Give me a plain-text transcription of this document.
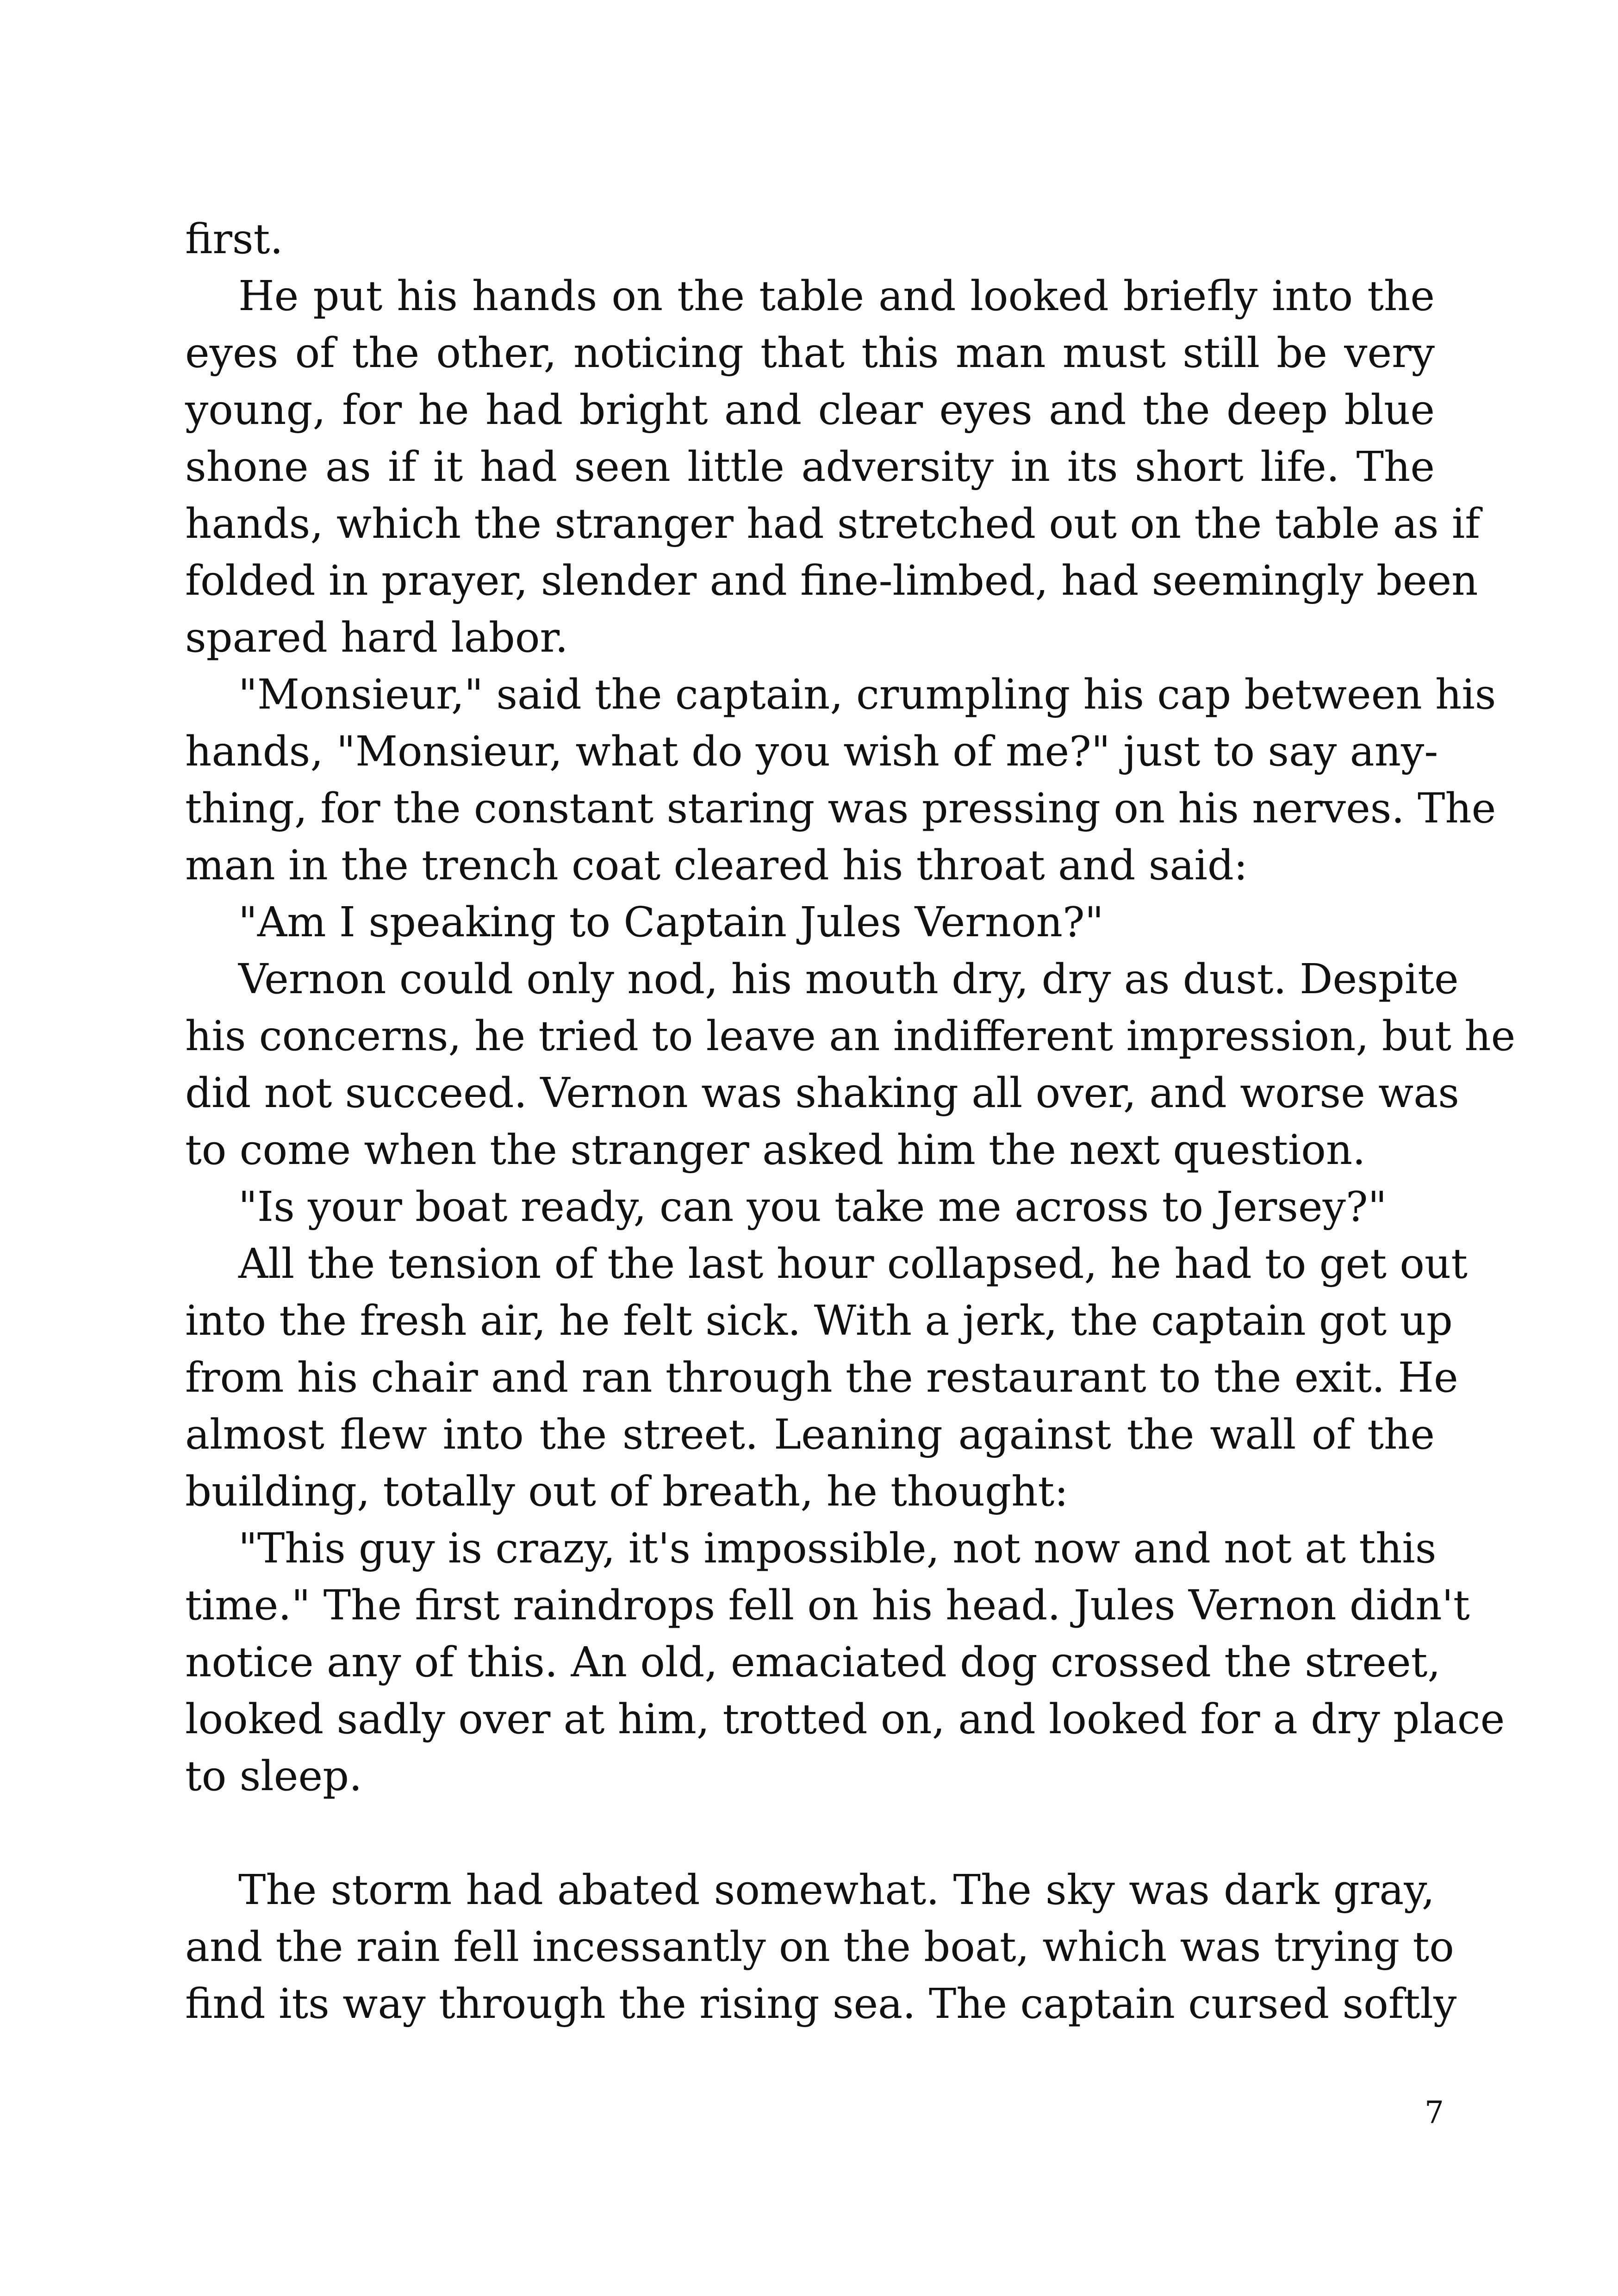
first.
He put his hands on the table and looked briefly into the
eyes of the other, noticing that this man must still be very
young, for he had bright and clear eyes and the deep blue
shone as if it had seen little adversity in its short life. The
hands, which the stranger had stretched out on the table as if
folded in prayer, slender and fine-limbed, had seemingly been
spared hard labor.
"Monsieur," said the captain, crumpling his cap between his
hands, "Monsieur, what do you wish of me?" just to say any-
thing, for the constant staring was pressing on his nerves. The
man in the trench coat cleared his throat and said:
"Am I speaking to Captain Jules Vernon?"
Vernon could only nod, his mouth dry, dry as dust. Despite
his concerns, he tried to leave an indifferent impression, but he
did not succeed. Vernon was shaking all over, and worse was
to come when the stranger asked him the next question.
"Is your boat ready, can you take me across to Jersey?"
All the tension of the last hour collapsed, he had to get out
into the fresh air, he felt sick. With a jerk, the captain got up
from his chair and ran through the restaurant to the exit. He
almost flew into the street. Leaning against the wall of the
building, totally out of breath, he thought:
"This guy is crazy, it's impossible, not now and not at this
time." The first raindrops fell on his head. Jules Vernon didn't
notice any of this. An old, emaciated dog crossed the street,
looked sadly over at him, trotted on, and looked for a dry place
to sleep.
The storm had abated somewhat. The sky was dark gray,
and the rain fell incessantly on the boat, which was trying to
find its way through the rising sea. The captain cursed softly
7
